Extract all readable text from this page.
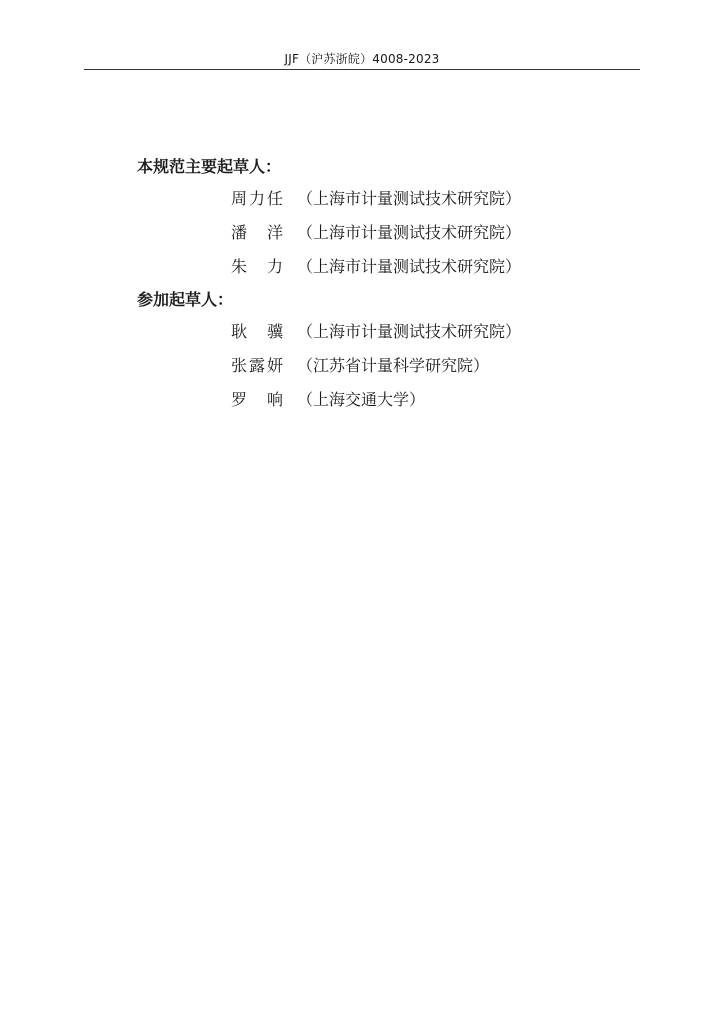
JJF（沪苏浙皖）4008-2023
本规范主要起草人：
周力任 （上海市计量测试技术研究院）
潘　洋 （上海市计量测试技术研究院）
朱　力 （上海市计量测试技术研究院）
参加起草人：
耿　骥 （上海市计量测试技术研究院）
张露妍 （江苏省计量科学研究院）
罗　响 （上海交通大学）
